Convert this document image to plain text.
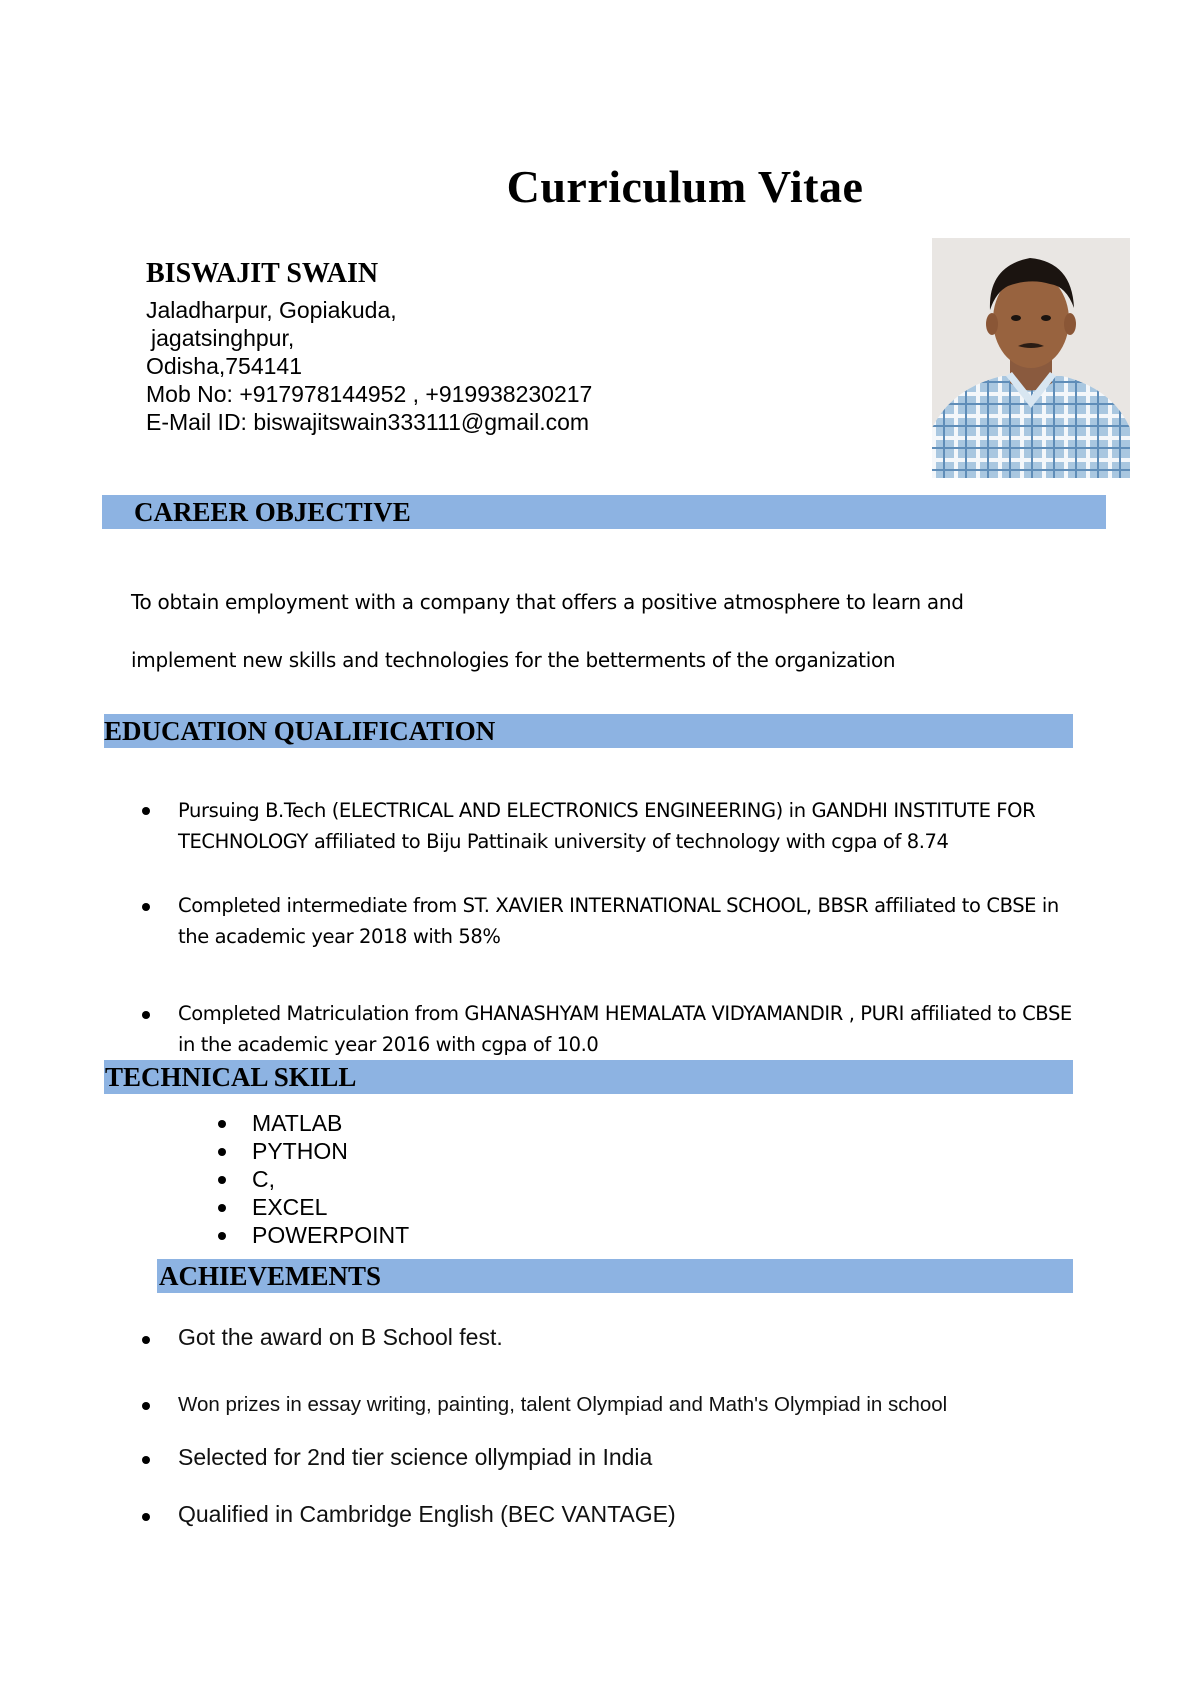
Curriculum Vitae
BISWAJIT SWAIN
Jaladharpur, Gopiakuda,
jagatsinghpur,
Odisha,754141
Mob No: +917978144952 , +919938230217
E-Mail ID: biswajitswain333111@gmail.com
CAREER OBJECTIVE
To obtain employment with a company that offers a positive atmosphere to learn and
implement new skills and technologies for the betterments of the organization
EDUCATION QUALIFICATION
Pursuing B.Tech (ELECTRICAL AND ELECTRONICS ENGINEERING) in GANDHI INSTITUTE FOR TECHNOLOGY affiliated to Biju Pattinaik university of technology with cgpa of 8.74
Completed intermediate from ST. XAVIER INTERNATIONAL SCHOOL, BBSR affiliated to CBSE in the academic year 2018 with 58%
Completed Matriculation from GHANASHYAM HEMALATA VIDYAMANDIR , PURI affiliated to CBSE in the academic year 2016 with cgpa of 10.0
TECHNICAL SKILL
MATLAB
PYTHON
C,
EXCEL
POWERPOINT
ACHIEVEMENTS
Got the award on B School fest.
Won prizes in essay writing, painting, talent Olympiad and Math's Olympiad in school
Selected for 2nd tier science ollympiad in India
Qualified in Cambridge English (BEC VANTAGE)
